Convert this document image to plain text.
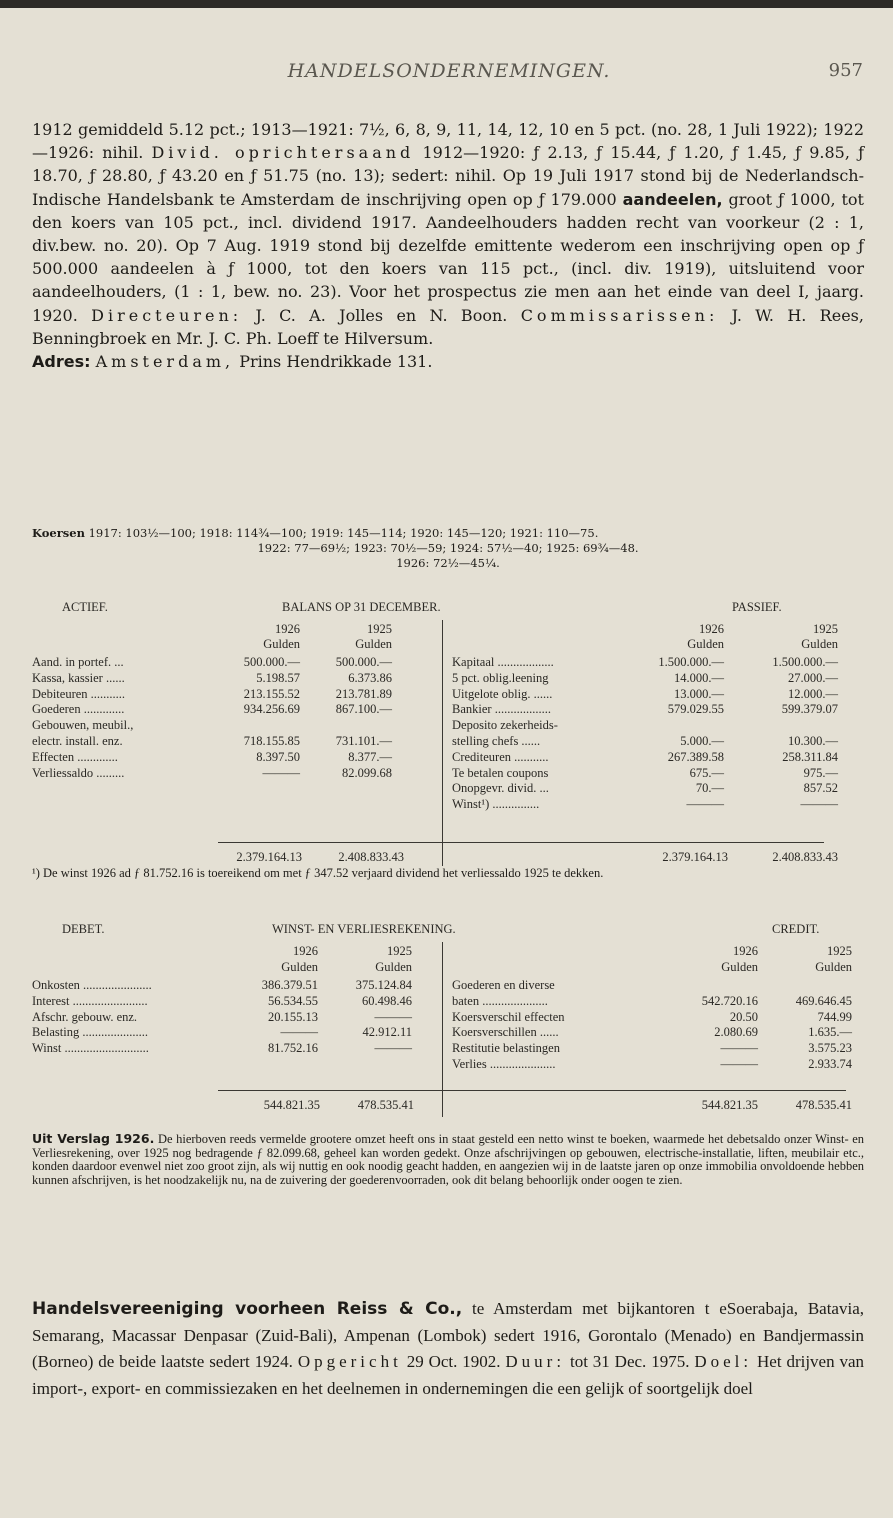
HANDELSONDERNEMINGEN.	957
1912 gemiddeld 5.12 pct.; 1913—1921: 7½, 6, 8, 9, 11, 14, 12, 10 en 5 pct. (no. 28, 1 Juli 1922); 1922—1926: nihil. Divid. oprichtersaand 1912—1920: ƒ 2.13, ƒ 15.44, ƒ 1.20, ƒ 1.45, ƒ 9.85, ƒ 18.70, ƒ 28.80, ƒ 43.20 en ƒ 51.75 (no. 13); sedert: nihil. Op 19 Juli 1917 stond bij de Nederlandsch-Indische Handelsbank te Amsterdam de inschrijving open op ƒ 179.000 aandeelen, groot ƒ 1000, tot den koers van 105 pct., incl. dividend 1917. Aandeelhouders hadden recht van voorkeur (2 : 1, div.bew. no. 20). Op 7 Aug. 1919 stond bij dezelfde emittente wederom een inschrijving open op ƒ 500.000 aandeelen à ƒ 1000, tot den koers van 115 pct., (incl. div. 1919), uitsluitend voor aandeelhouders, (1 : 1, bew. no. 23). Voor het prospectus zie men aan het einde van deel I, jaarg. 1920. Directeuren: J. C. A. Jolles en N. Boon. Commissarissen: J. W. H. Rees, Benningbroek en Mr. J. C. Ph. Loeff te Hilversum.
Adres: Amsterdam, Prins Hendrikkade 131.
Koersen 1917: 103½—100; 1918: 114¾—100; 1919: 145—114; 1920: 145—120; 1921: 110—75.
1922: 77—69½; 1923: 70½—59; 1924: 57½—40; 1925: 69¾—48.
1926: 72½—45¼.
ACTIEF.	BALANS OP 31 DECEMBER.	PASSIEF.
1926	1925	1926	1925
Gulden	Gulden	Gulden	Gulden
Aand. in portef. ...	500.000.—	500.000.—
Kassa, kassier ......	5.198.57	6.373.86
Debiteuren ...........	213.155.52	213.781.89
Goederen .............	934.256.69	867.100.—
Gebouwen, meubil.,
electr. install. enz.	718.155.85	731.101.—
Effecten .............	8.397.50	8.377.—
Verliessaldo .........	———	82.099.68
Kapitaal ..................	1.500.000.—	1.500.000.—
5 pct. oblig.leening	14.000.—	27.000.—
Uitgelote oblig. ......	13.000.—	12.000.—
Bankier ..................	579.029.55	599.379.07
Deposito zekerheids-
stelling chefs ......	5.000.—	10.300.—
Crediteuren ...........	267.389.58	258.311.84
Te betalen coupons	675.—	975.—
Onopgevr. divid. ...	70.—	857.52
Winst¹) ...............	———	———
2.379.164.13	2.408.833.43	2.379.164.13	2.408.833.43
¹) De winst 1926 ad ƒ 81.752.16 is toereikend om met ƒ 347.52 verjaard dividend het verliessaldo 1925 te dekken.
DEBET.	WINST- EN VERLIESREKENING.	CREDIT.
1926	1925	1926	1925
Gulden	Gulden	Gulden	Gulden
Onkosten ......................	386.379.51	375.124.84
Interest ........................	56.534.55	60.498.46
Afschr. gebouw. enz.	20.155.13	———
Belasting .....................	———	42.912.11
Winst ...........................	81.752.16	———
Goederen en diverse
baten .....................	542.720.16	469.646.45
Koersverschil effecten	20.50	744.99
Koersverschillen ......	2.080.69	1.635.—
Restitutie belastingen	———	3.575.23
Verlies .....................	———	2.933.74
544.821.35	478.535.41	544.821.35	478.535.41
Uit Verslag 1926. De hierboven reeds vermelde grootere omzet heeft ons in staat gesteld een netto winst te boeken, waarmede het debetsaldo onzer Winst- en Verliesrekening, over 1925 nog bedragende ƒ 82.099.68, geheel kan worden gedekt. Onze afschrijvingen op gebouwen, electrische-installatie, liften, meubilair etc., konden daardoor evenwel niet zoo groot zijn, als wij nuttig en ook noodig geacht hadden, en aangezien wij in de laatste jaren op onze immobilia onvoldoende hebben kunnen afschrijven, is het noodzakelijk nu, na de zuivering der goederenvoorraden, ook dit belang behoorlijk onder oogen te zien.
Handelsvereeniging voorheen Reiss & Co., te Amsterdam met bijkantoren t eSoerabaja, Batavia, Semarang, Macassar Denpasar (Zuid-Bali), Ampenan (Lombok) sedert 1916, Gorontalo (Menado) en Bandjermassin (Borneo) de beide laatste sedert 1924. Opgericht 29 Oct. 1902. Duur: tot 31 Dec. 1975. Doel: Het drijven van import-, export- en commissiezaken en het deelnemen in ondernemingen die een gelijk of soortgelijk doel
